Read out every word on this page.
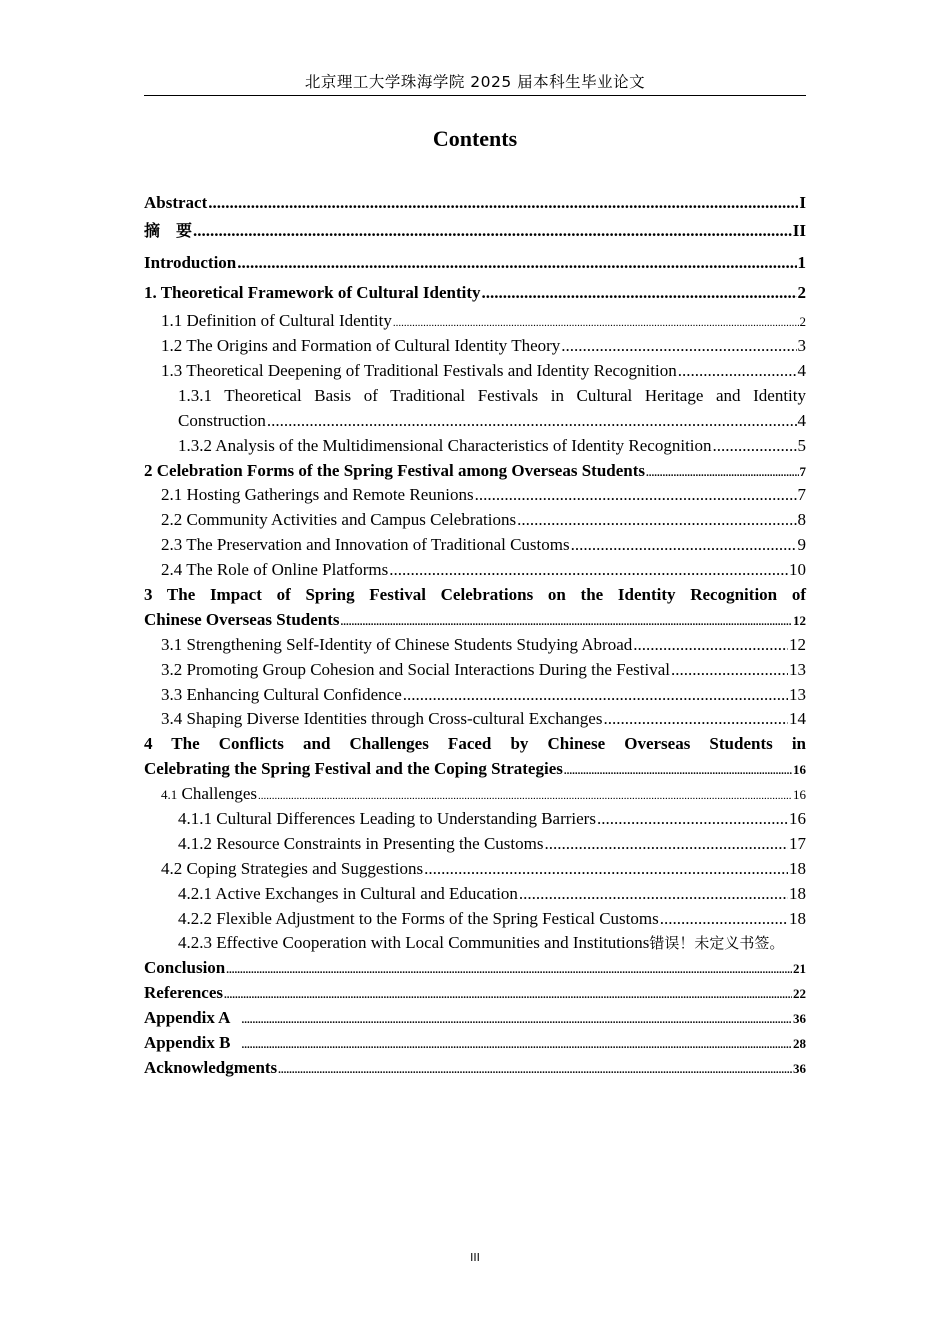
北京理工大学珠海学院 2025 届本科生毕业论文
Contents
Abstract .....	I
摘　要 .....	II
Introduction .....	1
1. Theoretical Framework of Cultural Identity .....	2
1.1 Definition of Cultural Identity .....	2
1.2 The Origins and Formation of Cultural Identity Theory .....	3
1.3 Theoretical Deepening of Traditional Festivals and Identity Recognition .....	4
1.3.1 Theoretical Basis of Traditional Festivals in Cultural Heritage and Identity
Construction .....	4
1.3.2 Analysis of the Multidimensional Characteristics of Identity Recognition .....	5
2 Celebration Forms of the Spring Festival among Overseas Students .....	7
2.1 Hosting Gatherings and Remote Reunions .....	7
2.2 Community Activities and Campus Celebrations .....	8
2.3 The Preservation and Innovation of Traditional Customs .....	9
2.4 The Role of Online Platforms .....	10
3 The Impact of Spring Festival Celebrations on the Identity Recognition of
Chinese Overseas Students .....	12
3.1 Strengthening Self-Identity of Chinese Students Studying Abroad .....	12
3.2 Promoting Group Cohesion and Social Interactions During the Festival .....	13
3.3 Enhancing Cultural Confidence .....	13
3.4 Shaping Diverse Identities through Cross-cultural Exchanges .....	14
4 The Conflicts and Challenges Faced by Chinese Overseas Students in
Celebrating the Spring Festival and the Coping Strategies .....	16
4.1 Challenges .....	16
4.1.1 Cultural Differences Leading to Understanding Barriers .....	16
4.1.2 Resource Constraints in Presenting the Customs .....	17
4.2 Coping Strategies and Suggestions .....	18
4.2.1 Active Exchanges in Cultural and Education .....	18
4.2.2 Flexible Adjustment to the Forms of the Spring Festical Customs .....	18
4.2.3 Effective Cooperation with Local Communities and Institutions错误！未定义书签。
Conclusion .....	21
References .....	22
Appendix A .....	36
Appendix B .....	28
Acknowledgments .....	36
III
